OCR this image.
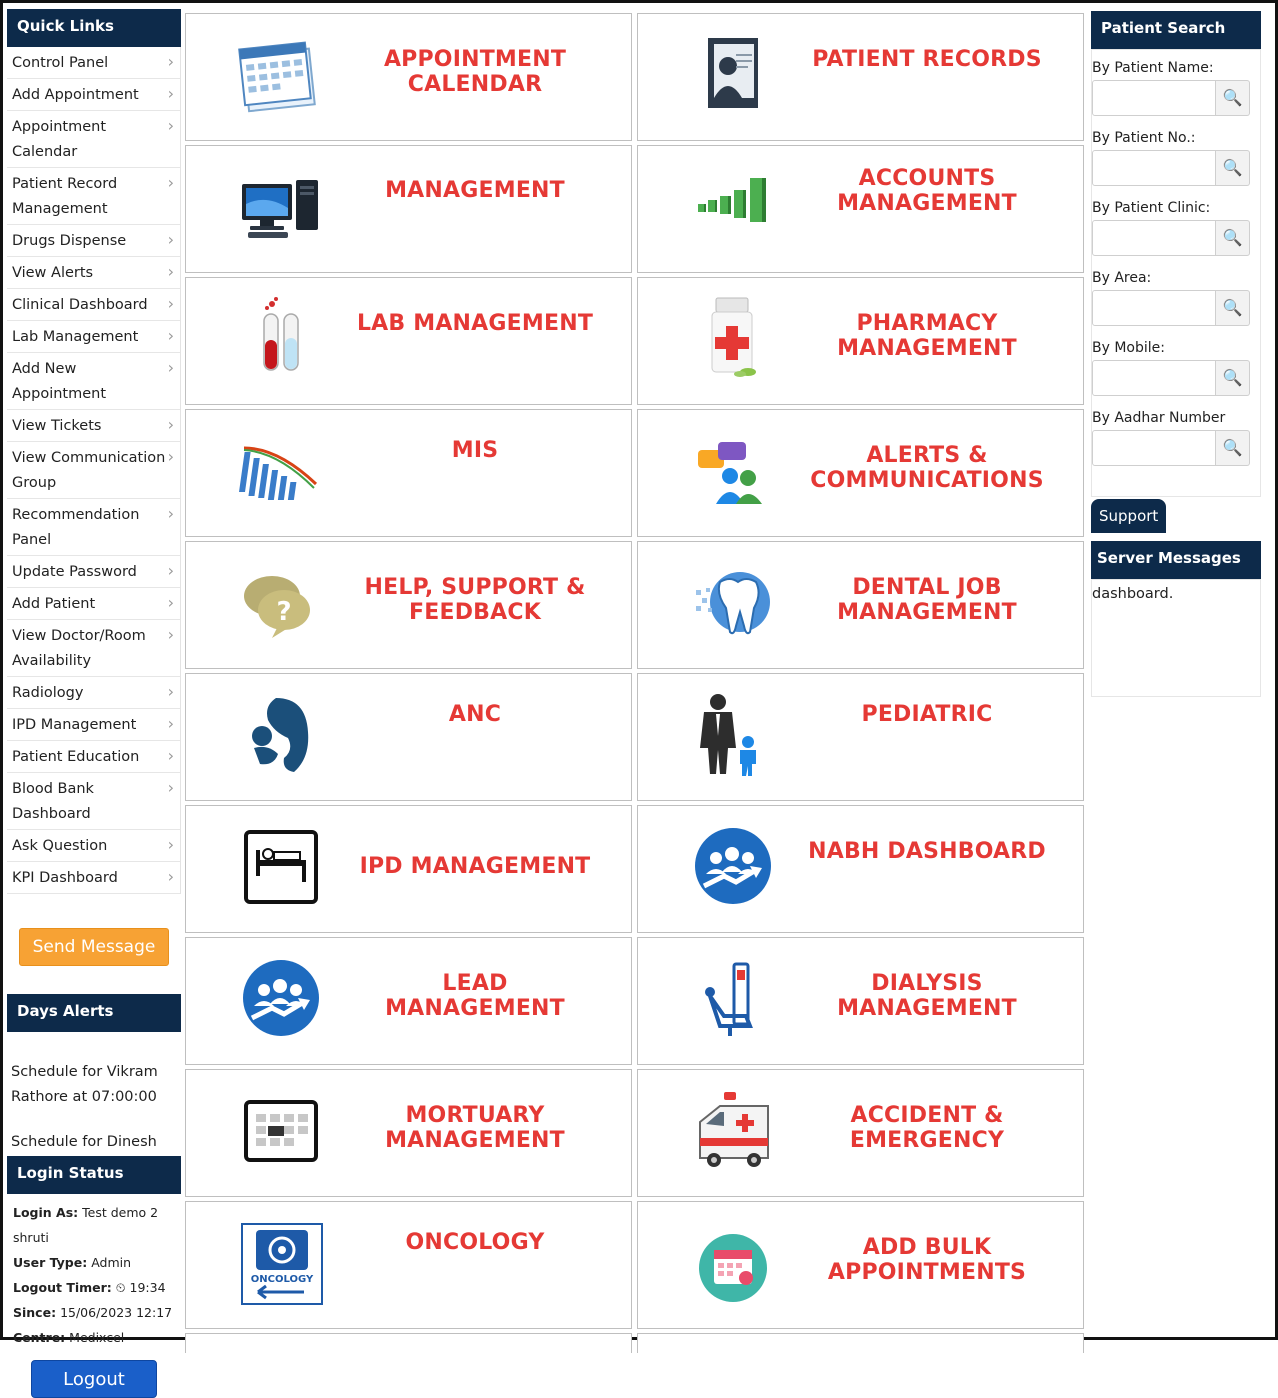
Quick Links
Control Panel	›
Add Appointment ›
Appointment Calendar
›
Patient Record Management
›
Drugs Dispense	›
View Alerts	›
Clinical Dashboard ›
Lab Management ›
Add New Appointment
›
View Tickets	›
View Communication Group
›
Recommendation Panel
›
Update Password ›
Add Patient	›
View Doctor/Room Availability
›
Radiology	›
IPD Management ›
Patient Education ›
Blood Bank Dashboard
›
Ask Question	›
KPI Dashboard	›
Send Message
Days Alerts

Schedule for Vikram Rathore at 07:00:00

Schedule for Dinesh

Login Status
Login As: Test demo 2 shruti
User Type: Admin
Logout Timer: ⏲ 19:34
Since: 15/06/2023 12:17
Centre: Medixcel
Logout
APPOINTMENT CALENDAR
PATIENT RECORDS
MANAGEMENT	ACCOUNTS MANAGEMENT
LAB MANAGEMENT	PHARMACY MANAGEMENT
MIS	ALERTS & COMMUNICATIONS
?
HELP, SUPPORT & FEEDBACK
DENTAL JOB MANAGEMENT
ANC	PEDIATRIC
IPD MANAGEMENT
NABH DASHBOARD
LEAD MANAGEMENT
DIALYSIS MANAGEMENT
MORTUARY MANAGEMENT
ACCIDENT & EMERGENCY
ONCOLOGY
ONCOLOGY	ADD BULK APPOINTMENTS
Patient Search
By Patient Name:
🔍
By Patient No.:
🔍
By Patient Clinic:
🔍
By Area:
🔍
By Mobile:
🔍
By Aadhar Number
🔍
Support
Server Messages
dashboard.
